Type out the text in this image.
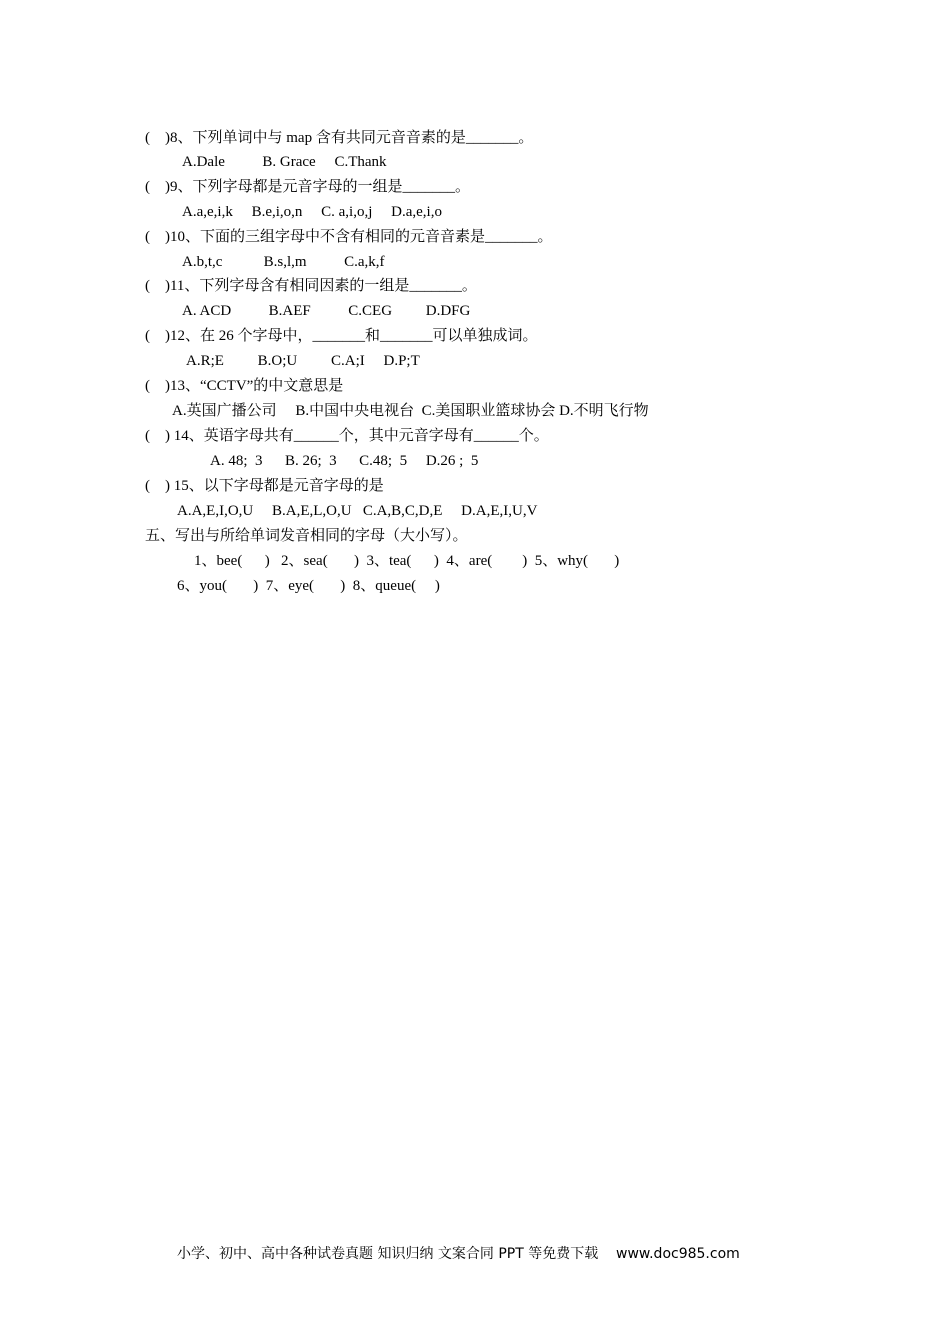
(    )8、下列单词中与 map 含有共同元音音素的是_______。
A.Dale          B. Grace     C.Thank
(    )9、下列字母都是元音字母的一组是_______。
A.a,e,i,k     B.e,i,o,n     C. a,i,o,j     D.a,e,i,o
(    )10、下面的三组字母中不含有相同的元音音素是_______。
A.b,t,c           B.s,l,m          C.a,k,f
(    )11、下列字母含有相同因素的一组是_______。
A. ACD          B.AEF          C.CEG         D.DFG
(    )12、在 26 个字母中，_______和_______可以单独成词。
A.R;E         B.O;U         C.A;I     D.P;T
(    )13、“CCTV”的中文意思是
A.英国广播公司     B.中国中央电视台  C.美国职业篮球协会 D.不明飞行物
(    ) 14、英语字母共有______个，其中元音字母有______个。
A. 48;  3      B. 26;  3      C.48;  5     D.26 ;  5
(    ) 15、以下字母都是元音字母的是
A.A,E,I,O,U     B.A,E,L,O,U   C.A,B,C,D,E     D.A,E,I,U,V
五、写出与所给单词发音相同的字母（大小写）。
1、bee(      )   2、sea(       )  3、tea(      )  4、are(        )  5、why(       )
6、you(       )  7、eye(       )  8、queue(     )
小学、初中、高中各种试卷真题 知识归纳 文案合同 PPT 等免费下载    www.doc985.com
